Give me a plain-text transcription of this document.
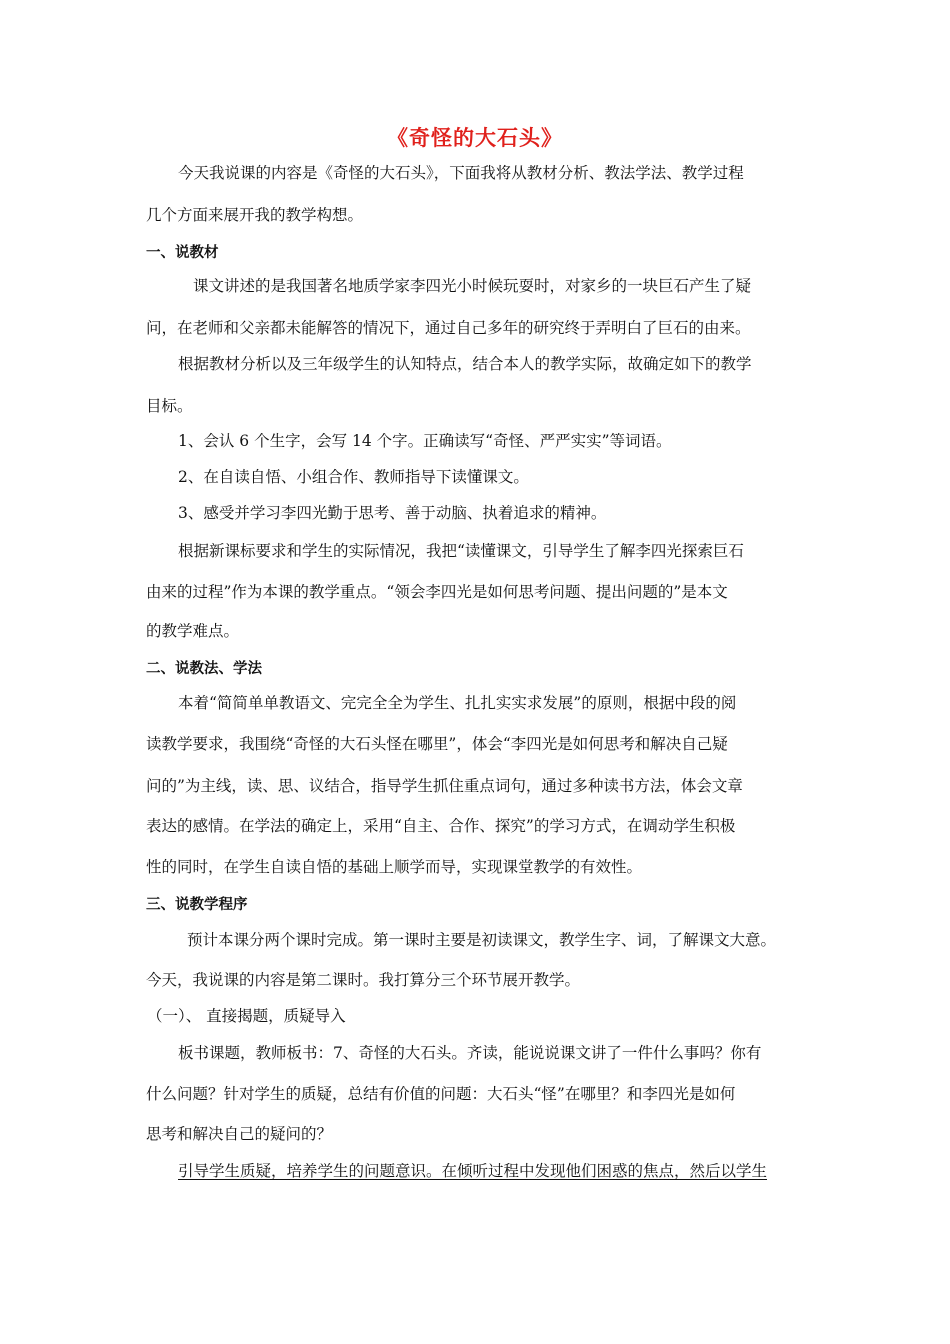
《奇怪的大石头》
今天我说课的内容是《奇怪的大石头》，下面我将从教材分析、教法学法、教学过程
几个方面来展开我的教学构想。
一、说教材
课文讲述的是我国著名地质学家李四光小时候玩耍时，对家乡的一块巨石产生了疑
问，在老师和父亲都未能解答的情况下，通过自己多年的研究终于弄明白了巨石的由来。
根据教材分析以及三年级学生的认知特点，结合本人的教学实际，故确定如下的教学
目标。
1、会认 6 个生字，会写 14 个字。正确读写“奇怪、严严实实”等词语。
2、在自读自悟、小组合作、教师指导下读懂课文。
3、感受并学习李四光勤于思考、善于动脑、执着追求的精神。
根据新课标要求和学生的实际情况，我把“读懂课文，引导学生了解李四光探索巨石
由来的过程”作为本课的教学重点。“领会李四光是如何思考问题、提出问题的”是本文
的教学难点。
二、说教法、学法
本着“简简单单教语文、完完全全为学生、扎扎实实求发展”的原则，根据中段的阅
读教学要求，我围绕“奇怪的大石头怪在哪里”，体会“李四光是如何思考和解决自己疑
问的”为主线，读、思、议结合，指导学生抓住重点词句，通过多种读书方法，体会文章
表达的感情。在学法的确定上，采用“自主、合作、探究”的学习方式，在调动学生积极
性的同时，在学生自读自悟的基础上顺学而导，实现课堂教学的有效性。
三、说教学程序
预计本课分两个课时完成。第一课时主要是初读课文，教学生字、词，了解课文大意。
今天，我说课的内容是第二课时。我打算分三个环节展开教学。
（一）、 直接揭题，质疑导入
板书课题，教师板书：7、奇怪的大石头。齐读，能说说课文讲了一件什么事吗？你有
什么问题？针对学生的质疑，总结有价值的问题：大石头“怪”在哪里？和李四光是如何
思考和解决自己的疑问的？
引导学生质疑，培养学生的问题意识。在倾听过程中发现他们困惑的焦点，然后以学生
